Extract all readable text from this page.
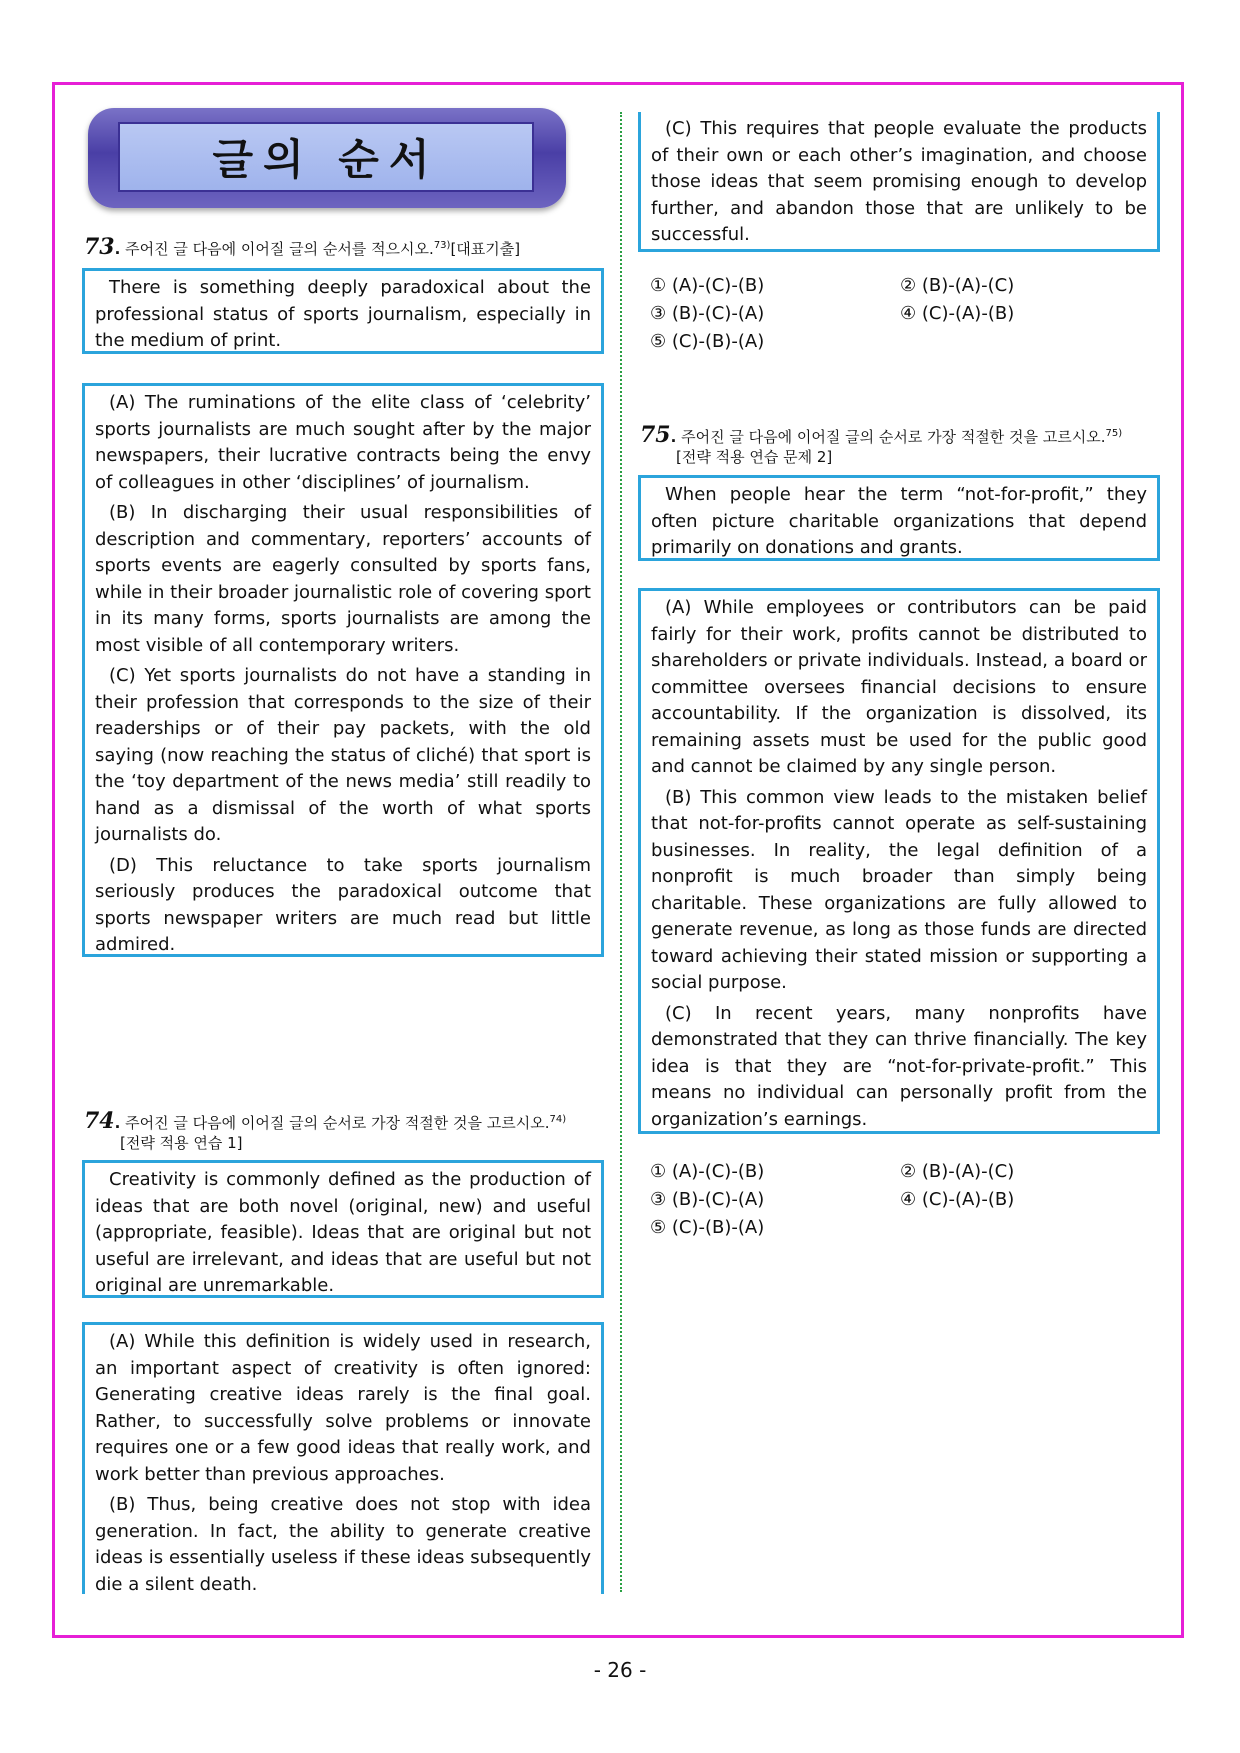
글의 순서
73. 주어진 글 다음에 이어질 글의 순서를 적으시오.$^{73)}$[대표기출]

There is something deeply paradoxical about the professional status of sports journalism, especially in the medium of print.

(A) The ruminations of the elite class of ‘celebrity’ sports journalists are much sought after by the major newspapers, their lucrative contracts being the envy of colleagues in other ‘disciplines’ of journalism.

(B) In discharging their usual responsibilities of description and commentary, reporters’ accounts of sports events are eagerly consulted by sports fans, while in their broader journalistic role of covering sport in its many forms, sports journalists are among the most visible of all contemporary writers.

(C) Yet sports journalists do not have a standing in their profession that corresponds to the size of their readerships or of their pay packets, with the old saying (now reaching the status of cliché) that sport is the ‘toy department of the news media’ still readily to hand as a dismissal of the worth of what sports journalists do.

(D) This reluctance to take sports journalism seriously produces the paradoxical outcome that sports newspaper writers are much read but little admired.

74. 주어진 글 다음에 이어질 글의 순서로 가장 적절한 것을 고르시오.$^{74)}$
[전략 적용 연습 1]

Creativity is commonly defined as the production of ideas that are both novel (original, new) and useful (appropriate, feasible). Ideas that are original but not useful are irrelevant, and ideas that are useful but not original are unremarkable.

(A) While this definition is widely used in research, an important aspect of creativity is often ignored: Generating creative ideas rarely is the final goal. Rather, to successfully solve problems or innovate requires one or a few good ideas that really work, and work better than previous approaches.

(B) Thus, being creative does not stop with idea generation. In fact, the ability to generate creative ideas is essentially useless if these ideas subsequently die a silent death.

(C) This requires that people evaluate the products of their own or each other’s imagination, and choose those ideas that seem promising enough to develop further, and abandon those that are unlikely to be successful.

① (A)-(C)-(B)	② (B)-(A)-(C)
③ (B)-(C)-(A)	④ (C)-(A)-(B)
⑤ (C)-(B)-(A)
75. 주어진 글 다음에 이어질 글의 순서로 가장 적절한 것을 고르시오.$^{75)}$
[전략 적용 연습 문제 2]

When people hear the term “not-for-profit,” they often picture charitable organizations that depend primarily on donations and grants.

(A) While employees or contributors can be paid fairly for their work, profits cannot be distributed to shareholders or private individuals. Instead, a board or committee oversees financial decisions to ensure accountability. If the organization is dissolved, its remaining assets must be used for the public good and cannot be claimed by any single person.

(B) This common view leads to the mistaken belief that not-for-profits cannot operate as self-sustaining businesses. In reality, the legal definition of a nonprofit is much broader than simply being charitable. These organizations are fully allowed to generate revenue, as long as those funds are directed toward achieving their stated mission or supporting a social purpose.

(C) In recent years, many nonprofits have demonstrated that they can thrive financially. The key idea is that they are “not-for-private-profit.” This means no individual can personally profit from the organization’s earnings.

① (A)-(C)-(B)	② (B)-(A)-(C)
③ (B)-(C)-(A)	④ (C)-(A)-(B)
⑤ (C)-(B)-(A)
- 26 -
